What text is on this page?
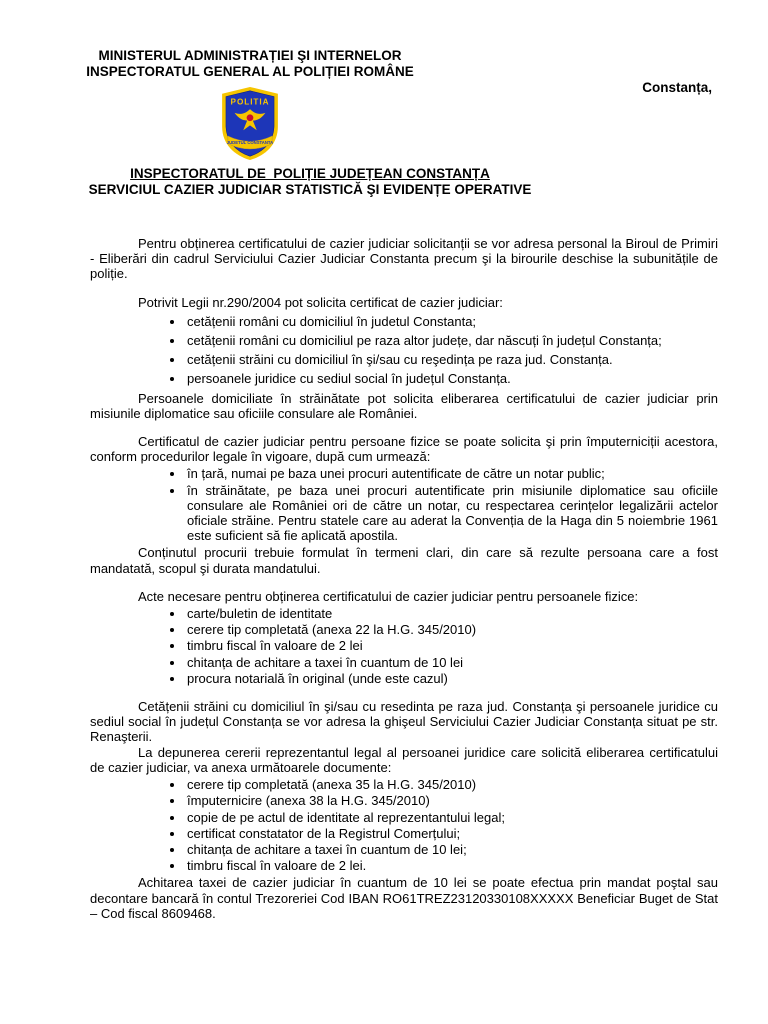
Constanța,
MINISTERUL ADMINISTRAȚIEI ŞI INTERNELOR
INSPECTORATUL GENERAL AL POLIȚIEI ROMÂNE
POLITIA
JUDETUL CONSTANTA
INSPECTORATUL DE  POLIȚIE JUDEȚEAN CONSTANȚA
SERVICIUL CAZIER JUDICIAR STATISTICĂ ŞI EVIDENȚE OPERATIVE

Pentru obținerea certificatului de cazier judiciar solicitanții se vor adresa personal la Biroul de Primiri - Eliberări din cadrul Serviciului Cazier Judiciar Constanta precum şi la birourile deschise la subunitățile de poliție.

Potrivit Legii nr.290/2004 pot solicita certificat de cazier judiciar:

• cetățenii români cu domiciliul în judetul Constanta;
• cetățenii români cu domiciliul pe raza altor județe, dar născuți în județul Constanța;
• cetățenii străini cu domiciliul în şi/sau cu reşedința pe raza jud. Constanța.
• persoanele juridice cu sediul social în județul Constanța.

Persoanele domiciliate în străinătate pot solicita eliberarea certificatului de cazier judiciar prin misiunile diplomatice sau oficiile consulare ale României.

Certificatul de cazier judiciar pentru persoane fizice se poate solicita şi prin împuterniciții acestora, conform procedurilor legale în vigoare, după cum urmează:

• în țară, numai pe baza unei procuri autentificate de către un notar public;
• în străinătate, pe baza unei procuri autentificate prin misiunile diplomatice sau oficiile consulare ale României ori de către un notar, cu respectarea cerințelor legalizării actelor oficiale străine. Pentru statele care au aderat la Convenția de la Haga din 5 noiembrie 1961 este suficient să fie aplicată apostila.

Conținutul procurii trebuie formulat în termeni clari, din care să rezulte persoana care a fost mandatată, scopul şi durata mandatului.

Acte necesare pentru obținerea certificatului de cazier judiciar pentru persoanele fizice:

• carte/buletin de identitate
• cerere tip completată (anexa 22 la H.G. 345/2010)
• timbru fiscal în valoare de 2 lei
• chitanța de achitare a taxei în cuantum de 10 lei
• procura notarială în original (unde este cazul)

Cetățenii străini cu domiciliul în şi/sau cu resedinta pe raza jud. Constanța şi persoanele juridice cu sediul social în județul Constanța se vor adresa la ghişeul Serviciului Cazier Judiciar Constanța situat pe str. Renaşterii.

La depunerea cererii reprezentantul legal al persoanei juridice care solicită eliberarea certificatului de cazier judiciar, va anexa următoarele documente:

• cerere tip completată (anexa 35 la H.G. 345/2010)
• împuternicire (anexa 38 la H.G. 345/2010)
• copie de pe actul de identitate al reprezentantului legal;
• certificat constatator de la Registrul Comerțului;
• chitanța de achitare a taxei în cuantum de 10 lei;
• timbru fiscal în valoare de 2 lei.

Achitarea taxei de cazier judiciar în cuantum de 10 lei se poate efectua prin mandat poştal sau decontare bancară în contul Trezoreriei Cod IBAN RO61TREZ23120330108XXXXX Beneficiar Buget de Stat – Cod fiscal 8609468.
